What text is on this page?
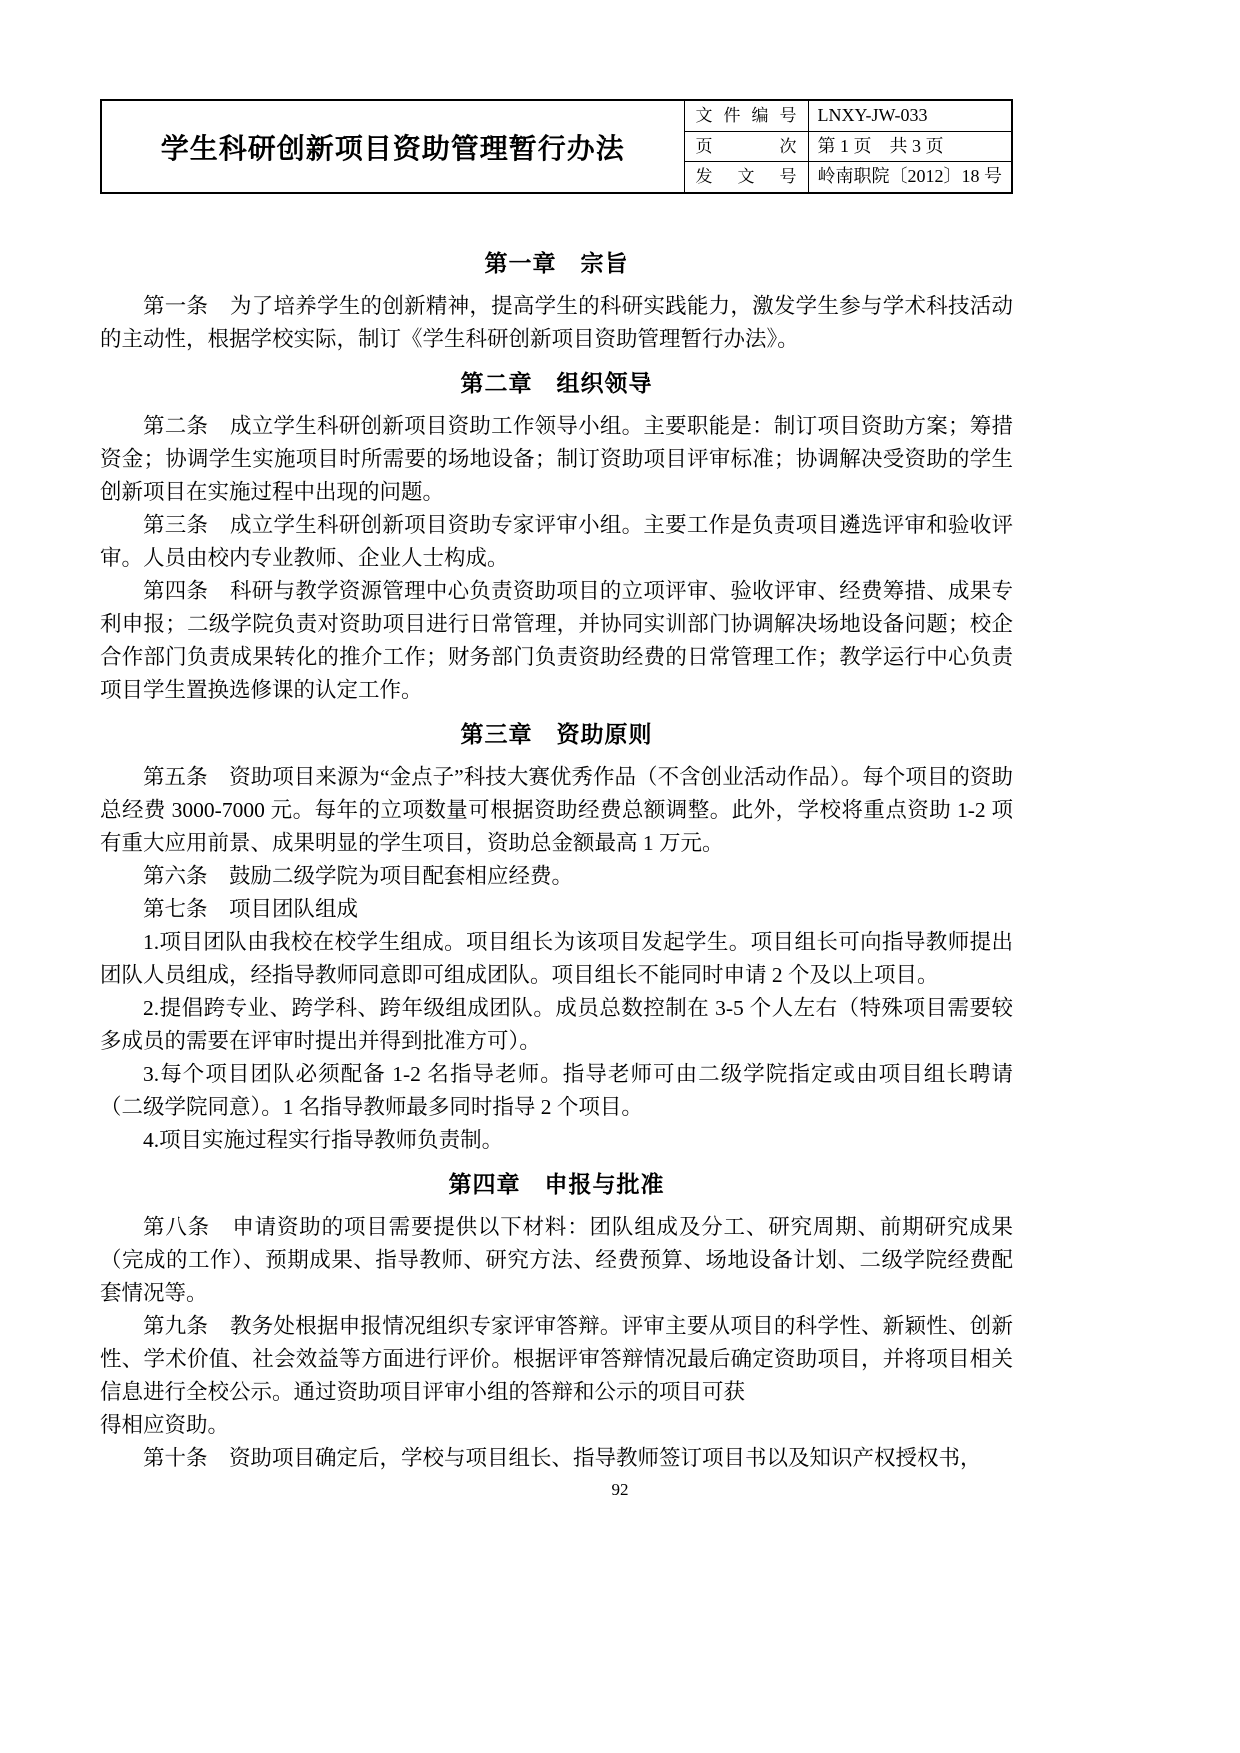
学生科研创新项目资助管理暂行办法
文件编号	LNXY-JW-033
页次	第 1 页　共 3 页
发文号	岭南职院〔2012〕18 号
第一章　宗旨

第一条　为了培养学生的创新精神，提高学生的科研实践能力，激发学生参与学术科技活动的主动性，根据学校实际，制订《学生科研创新项目资助管理暂行办法》。

第二章　组织领导

第二条　成立学生科研创新项目资助工作领导小组。主要职能是：制订项目资助方案；筹措资金；协调学生实施项目时所需要的场地设备；制订资助项目评审标准；协调解决受资助的学生创新项目在实施过程中出现的问题。

第三条　成立学生科研创新项目资助专家评审小组。主要工作是负责项目遴选评审和验收评审。人员由校内专业教师、企业人士构成。

第四条　科研与教学资源管理中心负责资助项目的立项评审、验收评审、经费筹措、成果专利申报；二级学院负责对资助项目进行日常管理，并协同实训部门协调解决场地设备问题；校企合作部门负责成果转化的推介工作；财务部门负责资助经费的日常管理工作；教学运行中心负责项目学生置换选修课的认定工作。

第三章　资助原则

第五条　资助项目来源为“金点子”科技大赛优秀作品（不含创业活动作品）。每个项目的资助总经费 3000-7000 元。每年的立项数量可根据资助经费总额调整。此外，学校将重点资助 1-2 项有重大应用前景、成果明显的学生项目，资助总金额最高 1 万元。

第六条　鼓励二级学院为项目配套相应经费。

第七条　项目团队组成

1.项目团队由我校在校学生组成。项目组长为该项目发起学生。项目组长可向指导教师提出团队人员组成，经指导教师同意即可组成团队。项目组长不能同时申请 2 个及以上项目。

2.提倡跨专业、跨学科、跨年级组成团队。成员总数控制在 3-5 个人左右（特殊项目需要较多成员的需要在评审时提出并得到批准方可）。

3.每个项目团队必须配备 1-2 名指导老师。指导老师可由二级学院指定或由项目组长聘请（二级学院同意）。1 名指导教师最多同时指导 2 个项目。

4.项目实施过程实行指导教师负责制。

第四章　申报与批准

第八条　申请资助的项目需要提供以下材料：团队组成及分工、研究周期、前期研究成果（完成的工作）、预期成果、指导教师、研究方法、经费预算、场地设备计划、二级学院经费配套情况等。

第九条　教务处根据申报情况组织专家评审答辩。评审主要从项目的科学性、新颖性、创新性、学术价值、社会效益等方面进行评价。根据评审答辩情况最后确定资助项目，并将项目相关信息进行全校公示。通过资助项目评审小组的答辩和公示的项目可获

得相应资助。

第十条　资助项目确定后，学校与项目组长、指导教师签订项目书以及知识产权授权书，

92
